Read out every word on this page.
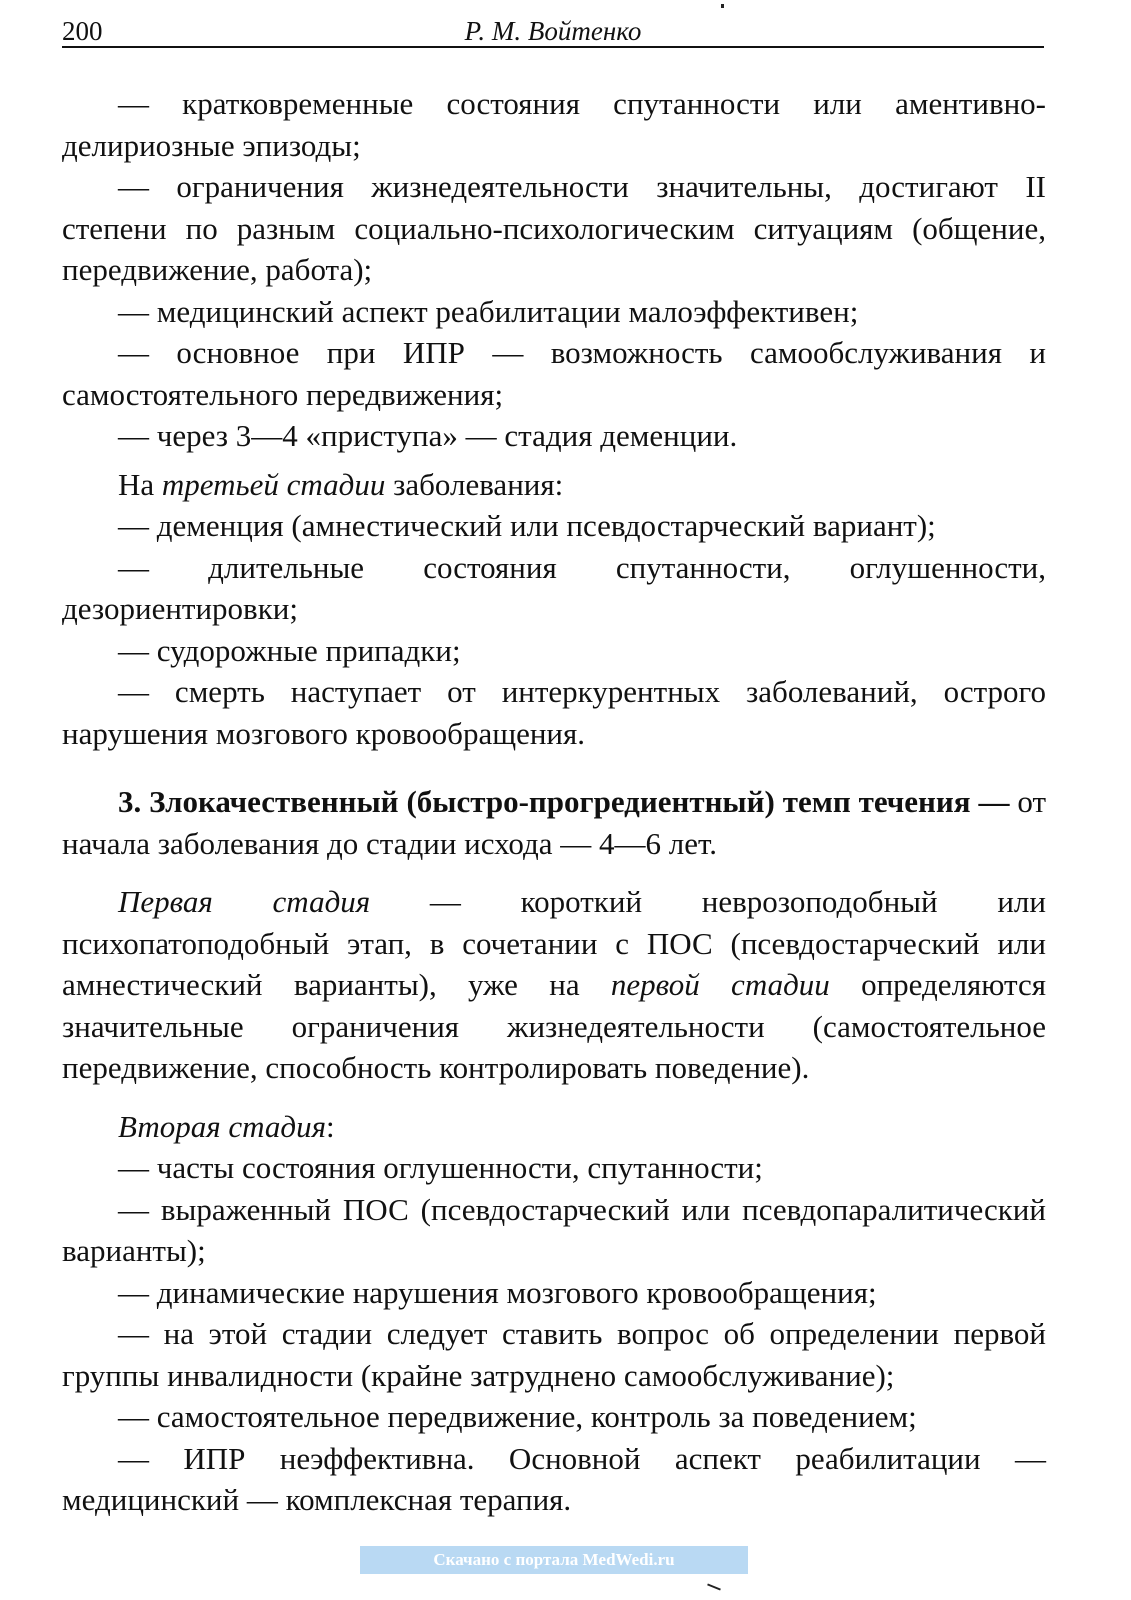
200	Р. М. Войтенко

— кратковременные состояния спутанности или аментивно-делириозные эпизоды;

— ограничения жизнедеятельности значительны, достигают II степени по разным социально-психологическим ситуациям (общение, передвижение, работа);

— медицинский аспект реабилитации малоэффективен;

— основное при ИПР — возможность самообслуживания и самостоятельного передвижения;

— через 3—4 «приступа» — стадия деменции.

На третьей стадии заболевания:

— деменция (амнестический или псевдостарческий вариант);

— длительные состояния спутанности, оглушенности, дезориентировки;

— судорожные припадки;

— смерть наступает от интеркурентных заболеваний, острого нарушения мозгового кровообращения.

3. Злокачественный (быстро-прогредиентный) темп течения — от начала заболевания до стадии исхода — 4—6 лет.

Первая стадия — короткий неврозоподобный или психопатоподобный этап, в сочетании с ПОС (псевдостарческий или амнестический варианты), уже на первой стадии определяются значительные ограничения жизнедеятельности (самостоятельное передвижение, способность контролировать поведение).

Вторая стадия:

— часты состояния оглушенности, спутанности;

— выраженный ПОС (псевдостарческий или псевдопаралитический варианты);

— динамические нарушения мозгового кровообращения;

— на этой стадии следует ставить вопрос об определении первой группы инвалидности (крайне затруднено самообслуживание);

— самостоятельное передвижение, контроль за поведением;

— ИПР неэффективна. Основной аспект реабилитации — медицинский — комплексная терапия.

Скачано с портала MedWedi.ru
